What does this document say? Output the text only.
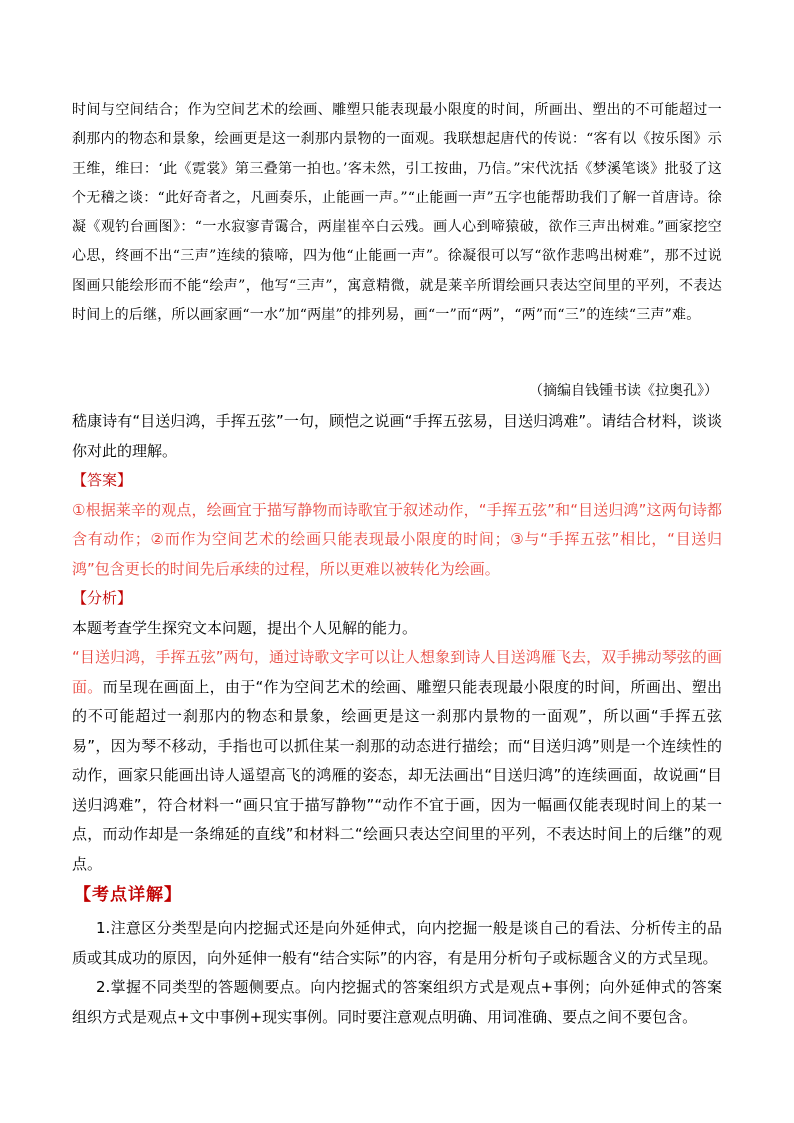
时间与空间结合；作为空间艺术的绘画、雕塑只能表现最小限度的时间，所画出、塑出的不可能超过一刹那内的物态和景象，绘画更是这一刹那内景物的一面观。我联想起唐代的传说：“客有以《按乐图》示王维，维曰：‘此《霓裳》第三叠第一拍也。’客未然，引工按曲，乃信。”宋代沈括《梦溪笔谈》批驳了这个无稽之谈：“此好奇者之，凡画奏乐，止能画一声。”“止能画一声”五字也能帮助我们了解一首唐诗。徐凝《观钓台画图》：“一水寂寥青霭合，两崖崔卒白云残。画人心到啼猿破，欲作三声出树难。”画家挖空心思，终画不出“三声”连续的猿啼，四为他“止能画一声”。徐凝很可以写“欲作悲鸣出树难”，那不过说图画只能绘形而不能“绘声”，他写“三声”，寓意精微，就是莱辛所谓绘画只表达空间里的平列，不表达时间上的后继，所以画家画“一水”加“两崖”的排列易，画“一”而“两”，“两”而“三”的连续“三声”难。

（摘编自钱锺书读《拉奥孔》）

嵇康诗有“目送归鸿，手挥五弦”一句，顾恺之说画“手挥五弦易，目送归鸿难”。请结合材料，谈谈你对此的理解。

【答案】

①根据莱辛的观点，绘画宜于描写静物而诗歌宜于叙述动作，“手挥五弦”和“目送归鸿”这两句诗都含有动作；②而作为空间艺术的绘画只能表现最小限度的时间；③与“手挥五弦”相比，“目送归鸿”包含更长的时间先后承续的过程，所以更难以被转化为绘画。

【分析】

本题考查学生探究文本问题，提出个人见解的能力。

“目送归鸿，手挥五弦”两句，通过诗歌文字可以让人想象到诗人目送鸿雁飞去，双手拂动琴弦的画面。而呈现在画面上，由于“作为空间艺术的绘画、雕塑只能表现最小限度的时间，所画出、塑出的不可能超过一刹那内的物态和景象，绘画更是这一刹那内景物的一面观”，所以画“手挥五弦易”，因为琴不移动，手指也可以抓住某一刹那的动态进行描绘；而“目送归鸿”则是一个连续性的动作，画家只能画出诗人遥望高飞的鸿雁的姿态，却无法画出“目送归鸿”的连续画面，故说画“目送归鸿难”，符合材料一“画只宜于描写静物”“动作不宜于画，因为一幅画仅能表现时间上的某一点，而动作却是一条绵延的直线”和材料二“绘画只表达空间里的平列，不表达时间上的后继”的观点。

【考点详解】

1.注意区分类型是向内挖掘式还是向外延伸式，向内挖掘一般是谈自己的看法、分析传主的品质或其成功的原因，向外延伸一般有“结合实际”的内容，有是用分析句子或标题含义的方式呈现。

2.掌握不同类型的答题侧要点。向内挖掘式的答案组织方式是观点+事例；向外延伸式的答案组织方式是观点+文中事例+现实事例。同时要注意观点明确、用词准确、要点之间不要包含。
